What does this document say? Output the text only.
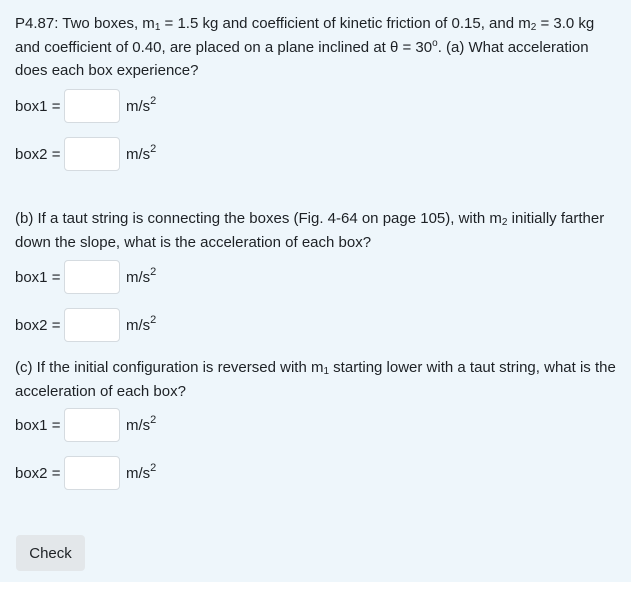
P4.87: Two boxes, $m_1 = 1.5$ kg and coefficient of kinetic friction of 0.15, and $m_2 = 3.0$ kg and coefficient of 0.40, are placed on a plane inclined at $\theta = 30^o$. (a) What acceleration does each box experience?

box1 =	$m/s^2$
box2 =	$m/s^2$

(b) If a taut string is connecting the boxes (Fig. 4-64 on page 105), with $m_2$ initially farther down the slope, what is the acceleration of each box?

box1 =	$m/s^2$
box2 =	$m/s^2$

(c) If the initial configuration is reversed with $m_1$ starting lower with a taut string, what is the acceleration of each box?

box1 =	$m/s^2$
box2 =	$m/s^2$
Check
